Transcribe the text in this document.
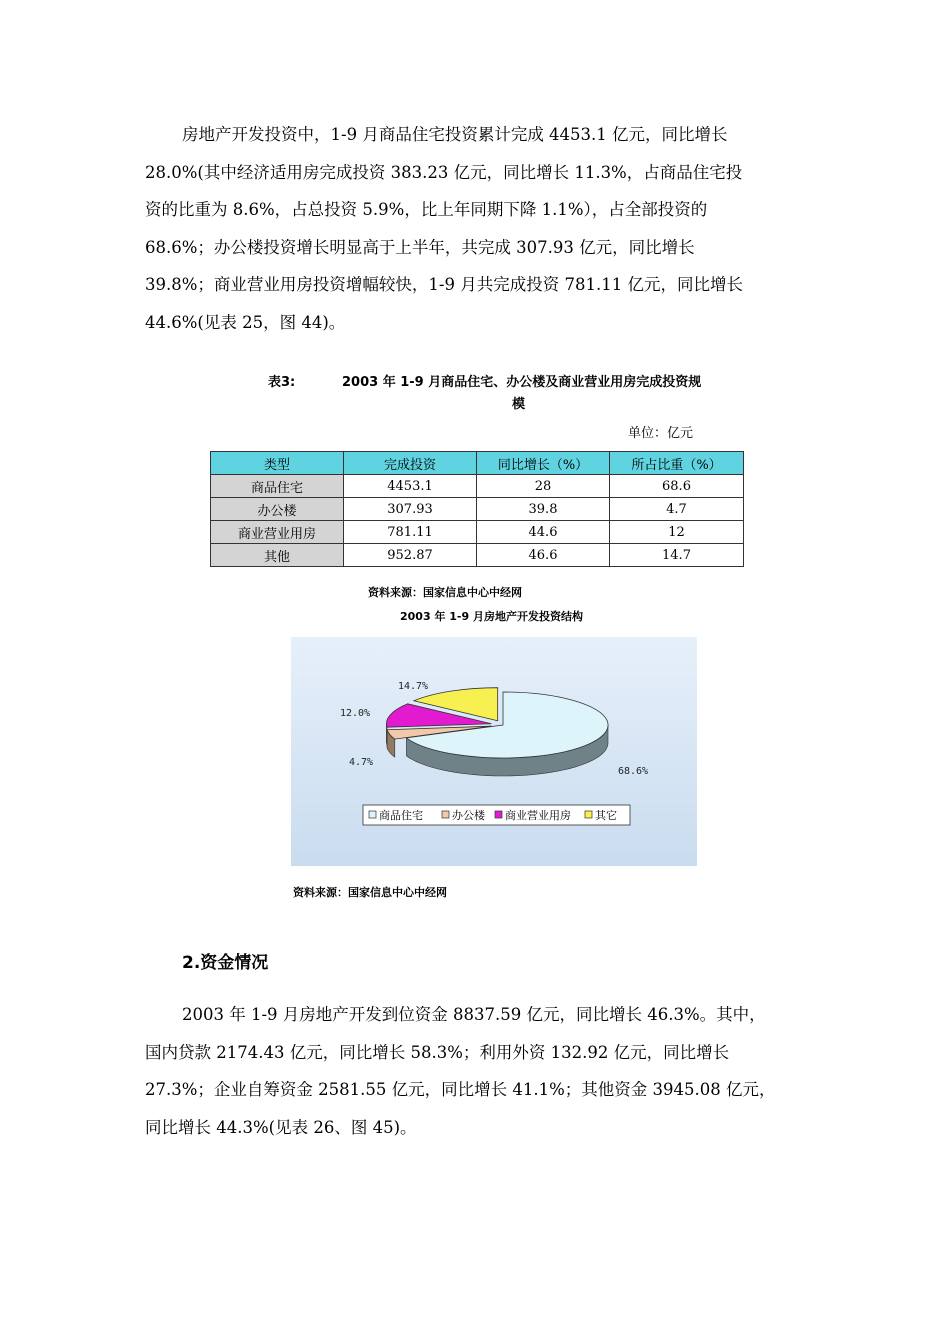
房地产开发投资中，1-9 月商品住宅投资累计完成 4453.1 亿元，同比增长
28.0%(其中经济适用房完成投资 383.23 亿元，同比增长 11.3%，占商品住宅投
资的比重为 8.6%，占总投资 5.9%，比上年同期下降 1.1%），占全部投资的
68.6%；办公楼投资增长明显高于上半年，共完成 307.93 亿元，同比增长
39.8%；商业营业用房投资增幅较快，1-9 月共完成投资 781.11 亿元，同比增长
44.6%(见表 25，图 44)。
表3:	2003 年 1-9 月商品住宅、办公楼及商业营业用房完成投资规
模
单位：亿元
类型	完成投资	同比增长（%）	所占比重（%）
商品住宅	4453.1	28	68.6
办公楼	307.93	39.8	4.7
商业营业用房	781.11	44.6	12
其他	952.87	46.6	14.7
资料来源：国家信息中心中经网
2003 年 1-9 月房地产开发投资结构
68.6%
4.7%
12.0%
14.7%
商品住宅	办公楼 商业营业用房 其它
资料来源：国家信息中心中经网
2.资金情况
2003 年 1-9 月房地产开发到位资金 8837.59 亿元，同比增长 46.3%。其中，
国内贷款 2174.43 亿元，同比增长 58.3%；利用外资 132.92 亿元，同比增长
27.3%；企业自筹资金 2581.55 亿元，同比增长 41.1%；其他资金 3945.08 亿元，
同比增长 44.3%(见表 26、图 45)。
